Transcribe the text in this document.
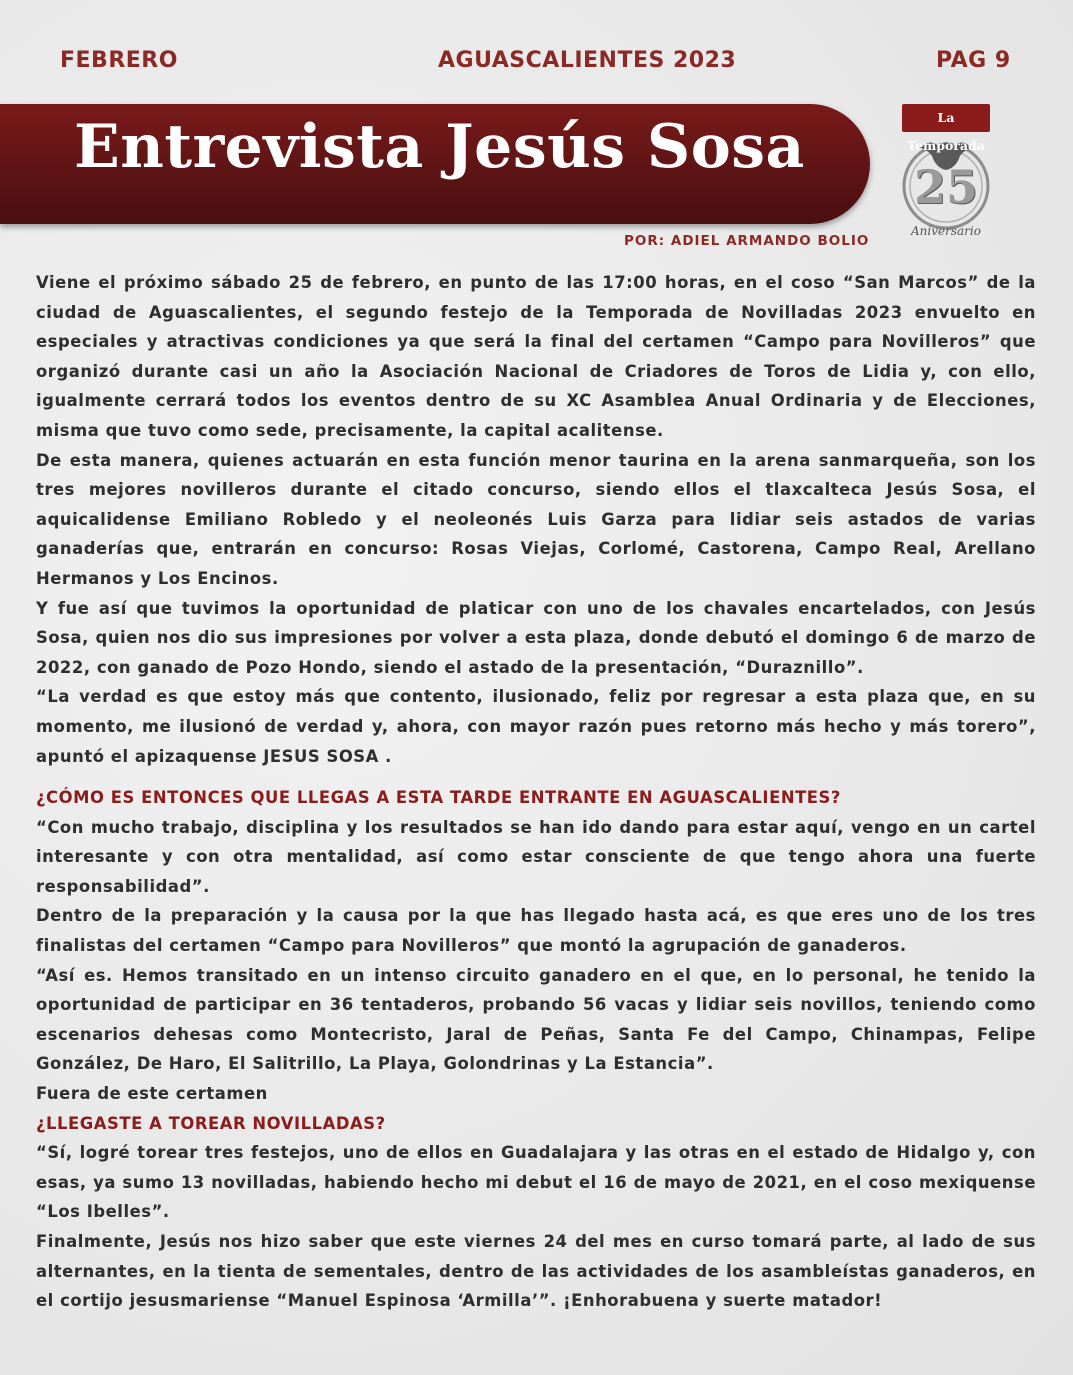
FEBRERO	AGUASCALIENTES 2023	PAG 9
Entrevista Jesús Sosa
POR: ADIEL ARMANDO BOLIO
La Temporada
25
Aniversario

Viene el próximo sábado 25 de febrero, en punto de las 17:00 horas, en el coso “San Marcos” de la ciudad de Aguascalientes, el segundo festejo de la Temporada de Novilladas 2023 envuelto en especiales y atractivas condiciones ya que será la final del certamen “Campo para Novilleros” que organizó durante casi un año la Asociación Nacional de Criadores de Toros de Lidia y, con ello, igualmente cerrará todos los eventos dentro de su XC Asamblea Anual Ordinaria y de Elecciones, misma que tuvo como sede, precisamente, la capital acalitense.

De esta manera, quienes actuarán en esta función menor taurina en la arena sanmarqueña, son los tres mejores novilleros durante el citado concurso, siendo ellos el tlaxcalteca Jesús Sosa, el aquicalidense Emiliano Robledo y el neoleonés Luis Garza para lidiar seis astados de varias ganaderías que, entrarán en concurso: Rosas Viejas, Corlomé, Castorena, Campo Real, Arellano Hermanos y Los Encinos.

Y fue así que tuvimos la oportunidad de platicar con uno de los chavales encartelados, con Jesús Sosa, quien nos dio sus impresiones por volver a esta plaza, donde debutó el domingo 6 de marzo de 2022, con ganado de Pozo Hondo, siendo el astado de la presentación, “Duraznillo”.

“La verdad es que estoy más que contento, ilusionado, feliz por regresar a esta plaza que, en su momento, me ilusionó de verdad y, ahora, con mayor razón pues retorno más hecho y más torero”, apuntó el apizaquense JESUS SOSA .

¿CÓMO ES ENTONCES QUE LLEGAS A ESTA TARDE ENTRANTE EN AGUASCALIENTES?

“Con mucho trabajo, disciplina y los resultados se han ido dando para estar aquí, vengo en un cartel interesante y con otra mentalidad, así como estar consciente de que tengo ahora una fuerte responsabilidad”.

Dentro de la preparación y la causa por la que has llegado hasta acá, es que eres uno de los tres finalistas del certamen “Campo para Novilleros” que montó la agrupación de ganaderos.

“Así es. Hemos transitado en un intenso circuito ganadero en el que, en lo personal, he tenido la oportunidad de participar en 36 tentaderos, probando 56 vacas y lidiar seis novillos, teniendo como escenarios dehesas como Montecristo, Jaral de Peñas, Santa Fe del Campo, Chinampas, Felipe González, De Haro, El Salitrillo, La Playa, Golondrinas y La Estancia”.

Fuera de este certamen

¿LLEGASTE A TOREAR NOVILLADAS?

“Sí, logré torear tres festejos, uno de ellos en Guadalajara y las otras en el estado de Hidalgo y, con esas, ya sumo 13 novilladas, habiendo hecho mi debut el 16 de mayo de 2021, en el coso mexiquense “Los Ibelles”.

Finalmente, Jesús nos hizo saber que este viernes 24 del mes en curso tomará parte, al lado de sus alternantes, en la tienta de sementales, dentro de las actividades de los asambleístas ganaderos, en el cortijo jesusmariense “Manuel Espinosa ‘Armilla’”. ¡Enhorabuena y suerte matador!
